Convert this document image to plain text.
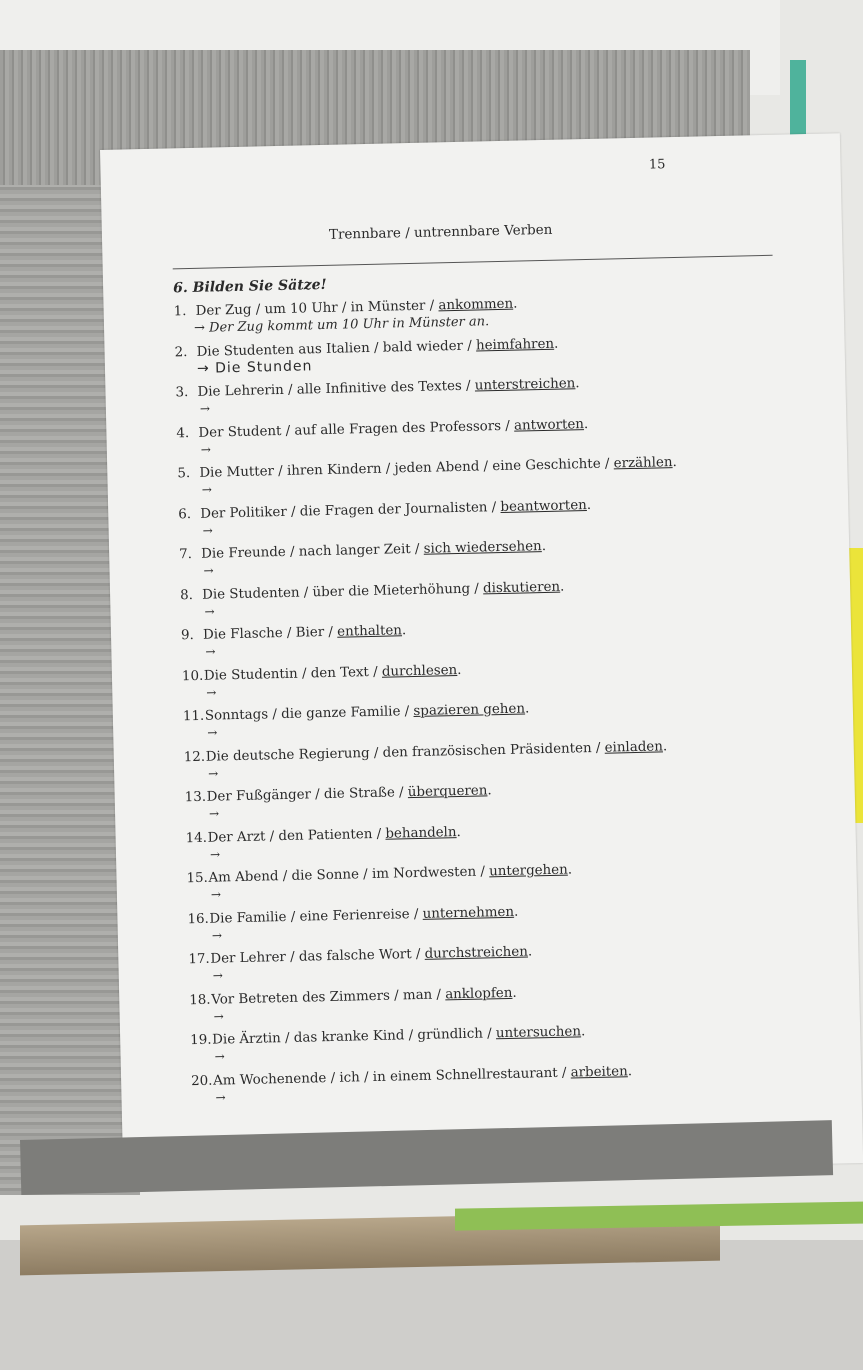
15
Trennbare / untrennbare Verben
6. Bilden Sie Sätze!
1. Der Zug / um 10 Uhr / in Münster / ankommen.
→ Der Zug kommt um 10 Uhr in Münster an.
2. Die Studenten aus Italien / bald wieder / heimfahren.
→ Die Stunden
3. Die Lehrerin / alle Infinitive des Textes / unterstreichen.
→
4. Der Student / auf alle Fragen des Professors / antworten.
→
5. Die Mutter / ihren Kindern / jeden Abend / eine Geschichte / erzählen.
→
6. Der Politiker / die Fragen der Journalisten / beantworten.
→
7. Die Freunde / nach langer Zeit / sich wiedersehen.
→
8. Die Studenten / über die Mieterhöhung / diskutieren.
→
9. Die Flasche / Bier / enthalten.
→
10.Die Studentin / den Text / durchlesen.
→
11.Sonntags / die ganze Familie / spazieren gehen.
→
12.Die deutsche Regierung / den französischen Präsidenten / einladen.
→
13.Der Fußgänger / die Straße / überqueren.
→
14.Der Arzt / den Patienten / behandeln.
→
15.Am Abend / die Sonne / im Nordwesten / untergehen.
→
16.Die Familie / eine Ferienreise / unternehmen.
→
17.Der Lehrer / das falsche Wort / durchstreichen.
→
18.Vor Betreten des Zimmers / man / anklopfen.
→
19.Die Ärztin / das kranke Kind / gründlich / untersuchen.
→
20.Am Wochenende / ich / in einem Schnellrestaurant / arbeiten.
→
